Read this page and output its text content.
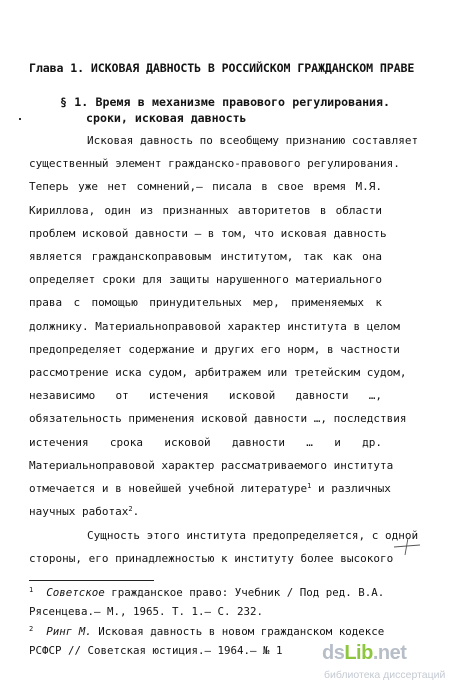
Глава 1. ИСКОВАЯ ДАВНОСТЬ В РОССИЙСКОМ ГРАЖДАНСКОМ ПРАВЕ
§ 1. Время в механизме правового регулирования.
сроки, исковая давность
Исковая давность по всеобщему признанию составляет
существенный элемент гражданско-правового регулирования.
Теперь уже нет сомнений,— писала в свое время М.Я.
Кириллова, один из признанных авторитетов в области
проблем исковой давности — в том, что исковая давность
является гражданскоправовым институтом, так как она
определяет сроки для защиты нарушенного материального
права с помощью принудительных мер, применяемых к
должнику. Материальноправовой характер института в целом
предопределяет содержание и других его норм, в частности
рассмотрение иска судом, арбитражем или третейским судом,
независимо от истечения исковой давности …,
обязательность применения исковой давности …, последствия
истечения срока исковой давности … и др.
Материальноправовой характер рассматриваемого института
отмечается и в новейшей учебной литературе$^1$ и различных
научных работах$^2$.
Сущность этого института предопределяется, с одной
стороны, его принадлежностью к институту более высокого
$^1$ Советское гражданское право: Учебник / Под ред. В.А.
Рясенцева.— М., 1965. Т. 1.— С. 232.
$^2$ Ринг М. Исковая давность в новом гражданском кодексе
РСФСР // Советская юстиция.— 1964.— № 1	dsLib.net
библиотека диссертаций
